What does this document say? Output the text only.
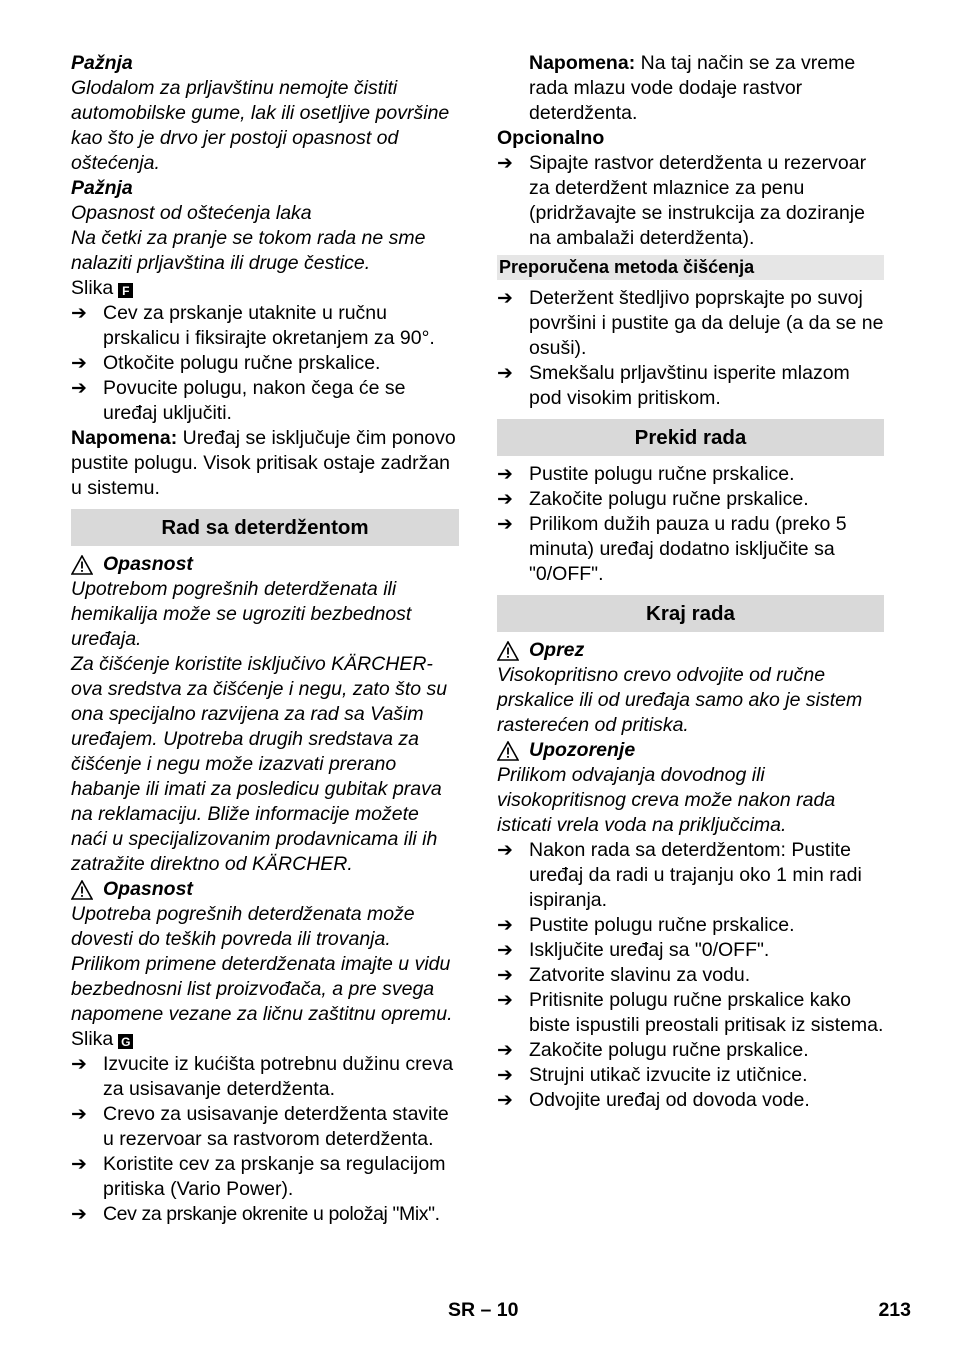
Pažnja

Glodalom za prljavštinu nemojte čistiti automobilske gume, lak ili osetljive površine kao što je drvo jer postoji opasnost od oštećenja.

Pažnja

Opasnost od oštećenja laka
Na četki za pranje se tokom rada ne sme nalaziti prljavština ili druge čestice.

Slika F

➔ Cev za prskanje utaknite u ručnu prskalicu i fiksirajte okretanjem za 90°.
➔ Otkočite polugu ručne prskalice.
➔ Povucite polugu, nakon čega će se uređaj uključiti.

Napomena: Uređaj se isključuje čim ponovo pustite polugu. Visok pritisak ostaje zadržan u sistemu.

Rad sa deterdžentom
Opasnost

Upotrebom pogrešnih deterdženata ili hemikalija može se ugroziti bezbednost uređaja.
Za čišćenje koristite isključivo KÄRCHER-ova sredstva za čišćenje i negu, zato što su ona specijalno razvijena za rad sa Vašim uređajem. Upotreba drugih sredstava za čišćenje i negu može izazvati prerano habanje ili imati za posledicu gubitak prava na reklamaciju. Bliže informacije možete naći u specijalizovanim prodavnicama ili ih zatražite direktno od KÄRCHER.

Opasnost

Upotreba pogrešnih deterdženata može dovesti do teških povreda ili trovanja.
Prilikom primene deterdženata imajte u vidu bezbednosni list proizvođača, a pre svega napomene vezane za ličnu zaštitnu opremu.

Slika G

➔ Izvucite iz kućišta potrebnu dužinu creva za usisavanje deterdženta.
➔ Crevo za usisavanje deterdženta stavite u rezervoar sa rastvorom deterdženta.
➔ Koristite cev za prskanje sa regulacijom pritiska (Vario Power).
➔ Cev za prskanje okrenite u položaj "Mix".

Napomena: Na taj način se za vreme rada mlazu vode dodaje rastvor deterdženta.

Opcionalno

➔ Sipajte rastvor deterdženta u rezervoar za deterdžent mlaznice za penu (pridržavajte se instrukcija za doziranje na ambalaži deterdženta).
Preporučena metoda čišćenja
➔ Deteržent štedljivo poprskajte po suvoj površini i pustite ga da deluje (a da se ne osuši).
➔ Smekšalu prljavštinu isperite mlazom pod visokim pritiskom.
Prekid rada
➔ Pustite polugu ručne prskalice.
➔ Zakočite polugu ručne prskalice.
➔ Prilikom dužih pauza u radu (preko 5 minuta) uređaj dodatno isključite sa "0/OFF".
Kraj rada
Oprez

Visokopritisno crevo odvojite od ručne prskalice ili od uređaja samo ako je sistem rasterećen od pritiska.

Upozorenje

Prilikom odvajanja dovodnog ili visokopritisnog creva može nakon rada isticati vrela voda na priključcima.

➔ Nakon rada sa deterdžentom: Pustite uređaj da radi u trajanju oko 1 min radi ispiranja.
➔ Pustite polugu ručne prskalice.
➔ Isključite uređaj sa "0/OFF".
➔ Zatvorite slavinu za vodu.
➔ Pritisnite polugu ručne prskalice kako biste ispustili preostali pritisak iz sistema.
➔ Zakočite polugu ručne prskalice.
➔ Strujni utikač izvucite iz utičnice.
➔ Odvojite uređaj od dovoda vode.
SR – 10	213
